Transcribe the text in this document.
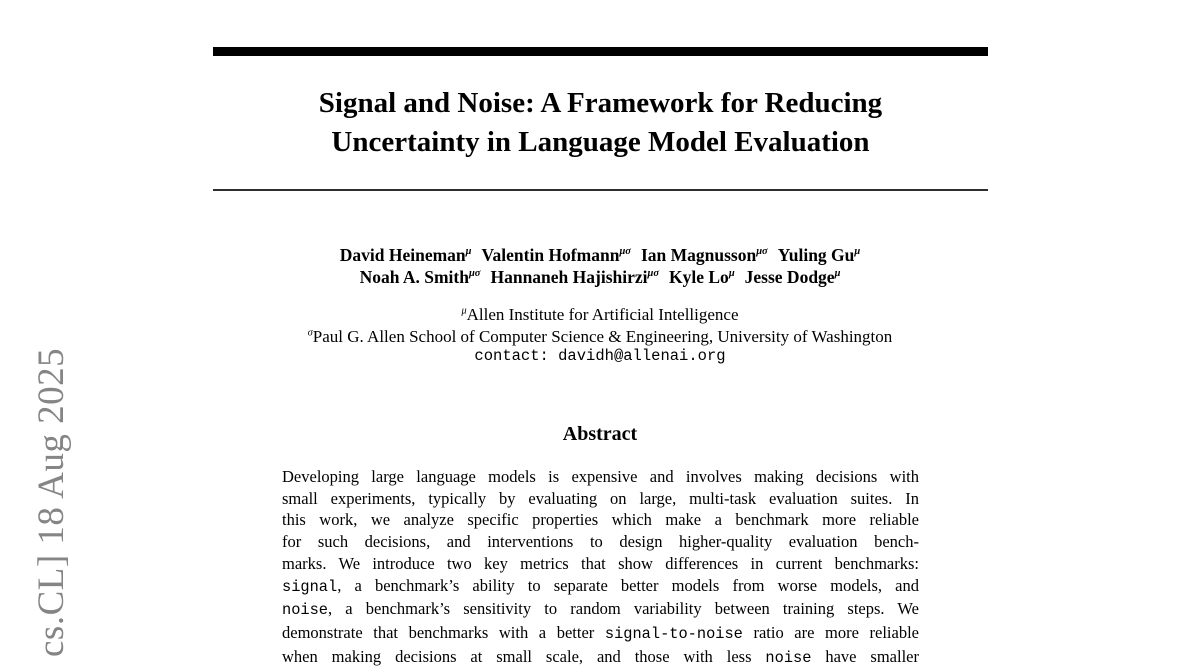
cs.CL] 18 Aug 2025
Signal and Noise: A Framework for Reducing
Uncertainty in Language Model Evaluation
David Heineman$^\mu$ Valentin Hofmann$^{\mu\sigma}$ Ian Magnusson$^{\mu\sigma}$ Yuling Gu$^\mu$
Noah A. Smith$^{\mu\sigma}$ Hannaneh Hajishirzi$^{\mu\sigma}$ Kyle Lo$^\mu$ Jesse Dodge$^\mu$
$^\mu$Allen Institute for Artificial Intelligence
$^\sigma$Paul G. Allen School of Computer Science & Engineering, University of Washington
contact: davidh@allenai.org
Abstract
Developing large language models is expensive and involves making decisions with
small experiments, typically by evaluating on large, multi-task evaluation suites. In
this work, we analyze specific properties which make a benchmark more reliable
for such decisions, and interventions to design higher-quality evaluation bench-
marks. We introduce two key metrics that show differences in current benchmarks:
signal, a benchmark’s ability to separate better models from worse models, and
noise, a benchmark’s sensitivity to random variability between training steps. We
demonstrate that benchmarks with a better signal-to-noise ratio are more reliable
when making decisions at small scale, and those with less noise have smaller
